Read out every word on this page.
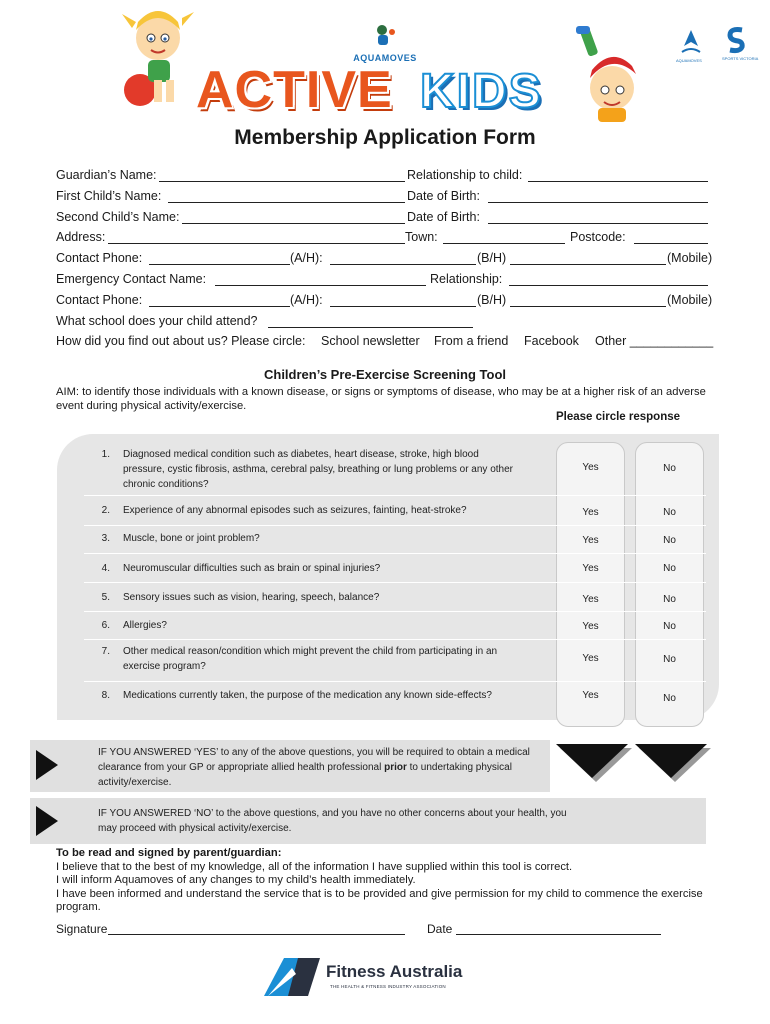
AQUAMOVES
ACTIVE KIDS
AQUAMOVES	SPORTS VICTORIA
Membership Application Form
Guardian’s Name:	Relationship to child:
First Child’s Name:	Date of Birth:
Second Child’s Name:	Date of Birth:
Address:	Town:	Postcode:
Contact Phone:	(A/H):	(B/H)	(Mobile)
Emergency Contact Name:	Relationship:
Contact Phone:	(A/H):	(B/H)	(Mobile)
What school does your child attend?
How did you find out about us? Please circle: School newsletter From a friend Facebook Other ____________
Children’s Pre-Exercise Screening Tool
AIM: to identify those individuals with a known disease, or signs or symptoms of disease, who may be at a higher risk of an adverse event during physical activity/exercise.
Please circle response
1. Diagnosed medical condition such as diabetes, heart disease, stroke, high blood pressure, cystic fibrosis, asthma, cerebral palsy, breathing or lung problems or any other chronic conditions?
Yes	No
2. Experience of any abnormal episodes such as seizures, fainting, heat-stroke?	Yes	No
3. Muscle, bone or joint problem?	Yes	No
4. Neuromuscular difficulties such as brain or spinal injuries?	Yes	No
5. Sensory issues such as vision, hearing, speech, balance?	Yes	No
6. Allergies?	Yes	No
7. Other medical reason/condition which might prevent the child from participating in an exercise program?
Yes	No
8. Medications currently taken, the purpose of the medication any known side-effects?	Yes	No
IF YOU ANSWERED ‘YES’ to any of the above questions, you will be required to obtain a medical clearance from your GP or appropriate allied health professional prior to undertaking physical activity/exercise.
IF YOU ANSWERED ‘NO’ to the above questions, and you have no other concerns about your health, you may proceed with physical activity/exercise.
To be read and signed by parent/guardian:
I believe that to the best of my knowledge, all of the information I have supplied within this tool is correct.
I will inform Aquamoves of any changes to my child’s health immediately.
I have been informed and understand the service that is to be provided and give permission for my child to commence the exercise program.
Signature	Date
Fitness Australia
THE HEALTH & FITNESS INDUSTRY ASSOCIATION
